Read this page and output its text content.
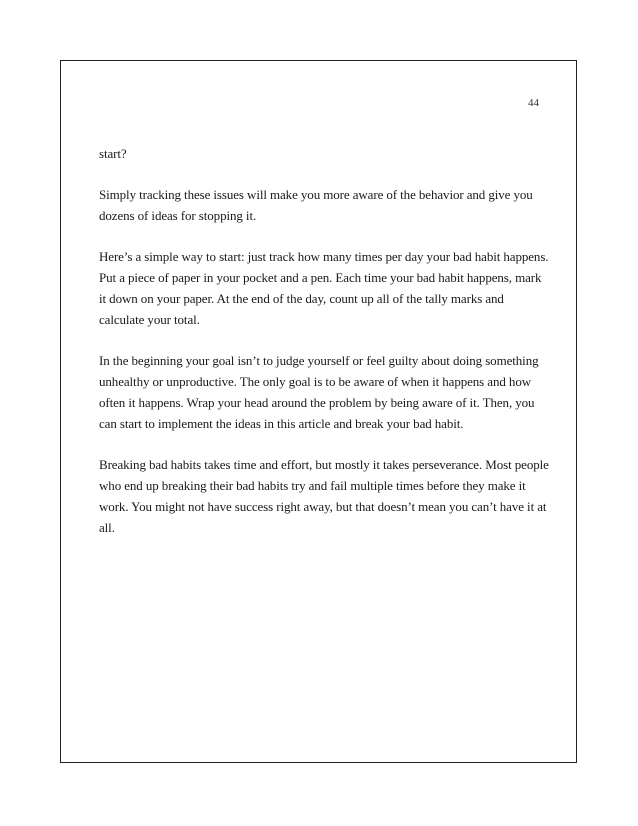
44

start?

Simply tracking these issues will make you more aware of the behavior and give you dozens of ideas for stopping it.

Here’s a simple way to start: just track how many times per day your bad habit happens. Put a piece of paper in your pocket and a pen. Each time your bad habit happens, mark it down on your paper. At the end of the day, count up all of the tally marks and calculate your total.

In the beginning your goal isn’t to judge yourself or feel guilty about doing something unhealthy or unproductive. The only goal is to be aware of when it happens and how often it happens. Wrap your head around the problem by being aware of it. Then, you can start to implement the ideas in this article and break your bad habit.

Breaking bad habits takes time and effort, but mostly it takes perseverance. Most people who end up breaking their bad habits try and fail multiple times before they make it work. You might not have success right away, but that doesn’t mean you can’t have it at all.
